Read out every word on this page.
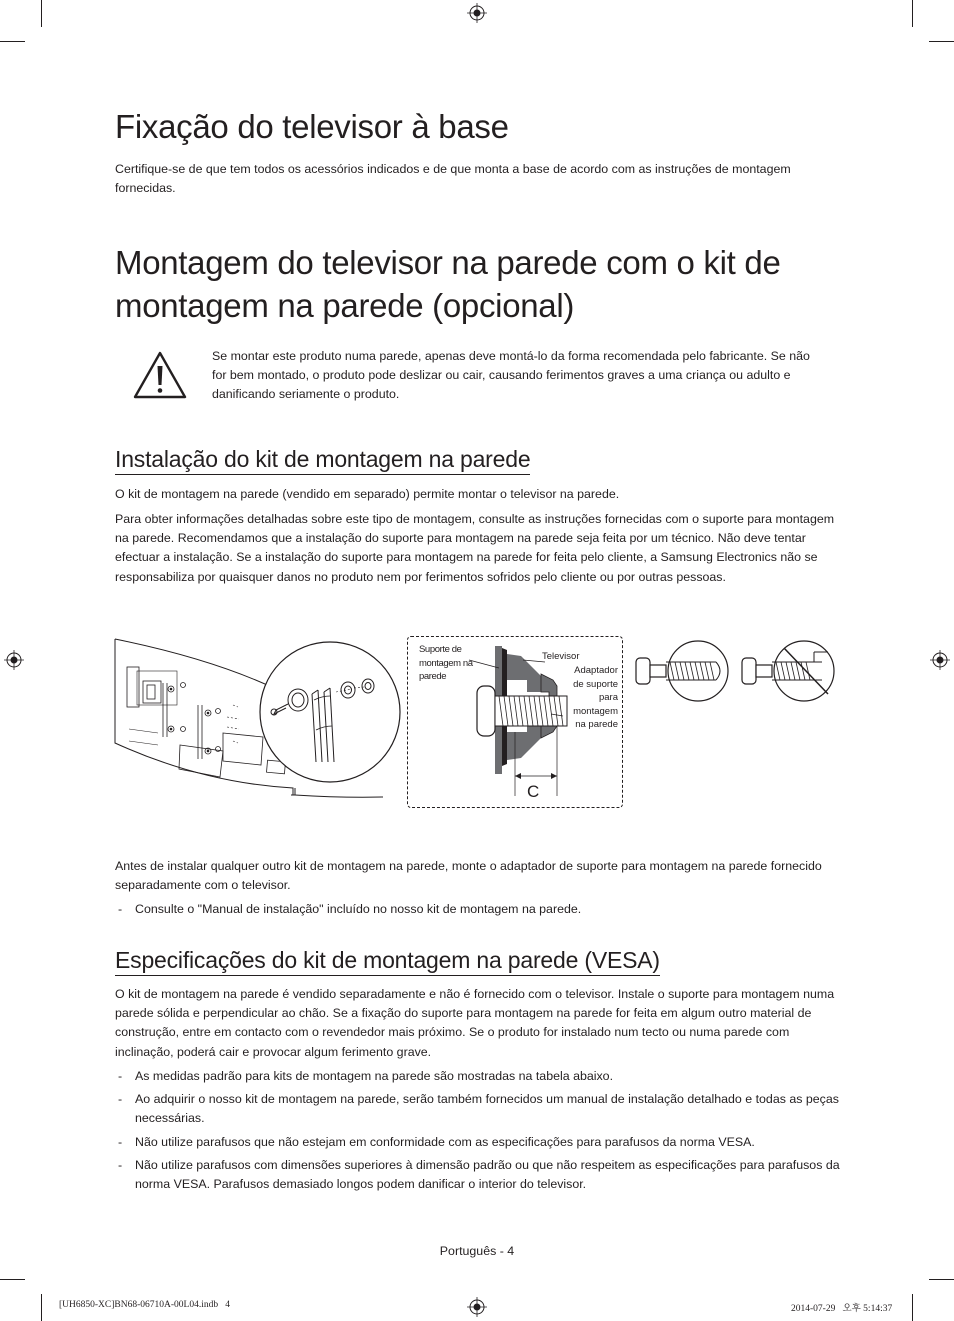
Fixação do televisor à base

Certifique-se de que tem todos os acessórios indicados e de que monta a base de acordo com as instruções de montagem fornecidas.

Montagem do televisor na parede com o kit de
montagem na parede (opcional)

Se montar este produto numa parede, apenas deve montá-lo da forma recomendada pelo fabricante. Se não for bem montado, o produto pode deslizar ou cair, causando ferimentos graves a uma criança ou adulto e danificando seriamente o produto.

Instalação do kit de montagem na parede

O kit de montagem na parede (vendido em separado) permite montar o televisor na parede.

Para obter informações detalhadas sobre este tipo de montagem, consulte as instruções fornecidas com o suporte para montagem na parede. Recomendamos que a instalação do suporte para montagem na parede seja feita por um técnico. Não deve tentar efectuar a instalação. Se a instalação do suporte para montagem na parede for feita pelo cliente, a Samsung Electronics não se responsabiliza por quaisquer danos no produto nem por ferimentos sofridos pelo cliente ou por outras pessoas.

Suporte de montagem na parede
Televisor
Adaptador de suporte para montagem na parede
C

Antes de instalar qualquer outro kit de montagem na parede, monte o adaptador de suporte para montagem na parede fornecido separadamente com o televisor.

- Consulte o "Manual de instalação" incluído no nosso kit de montagem na parede.
Especificações do kit de montagem na parede (VESA)

O kit de montagem na parede é vendido separadamente e não é fornecido com o televisor. Instale o suporte para montagem numa parede sólida e perpendicular ao chão. Se a fixação do suporte para montagem na parede for feita em algum outro material de construção, entre em contacto com o revendedor mais próximo. Se o produto for instalado num tecto ou numa parede com inclinação, poderá cair e provocar algum ferimento grave.

- As medidas padrão para kits de montagem na parede são mostradas na tabela abaixo.
- Ao adquirir o nosso kit de montagem na parede, serão também fornecidos um manual de instalação detalhado e todas as peças necessárias.
- Não utilize parafusos que não estejam em conformidade com as especificações para parafusos da norma VESA.
- Não utilize parafusos com dimensões superiores à dimensão padrão ou que não respeitem as especificações para parafusos da norma VESA. Parafusos demasiado longos podem danificar o interior do televisor.
Português - 4
[UH6850-XC]BN68-06710A-00L04.indb   4	2014-07-29   오후 5:14:37
